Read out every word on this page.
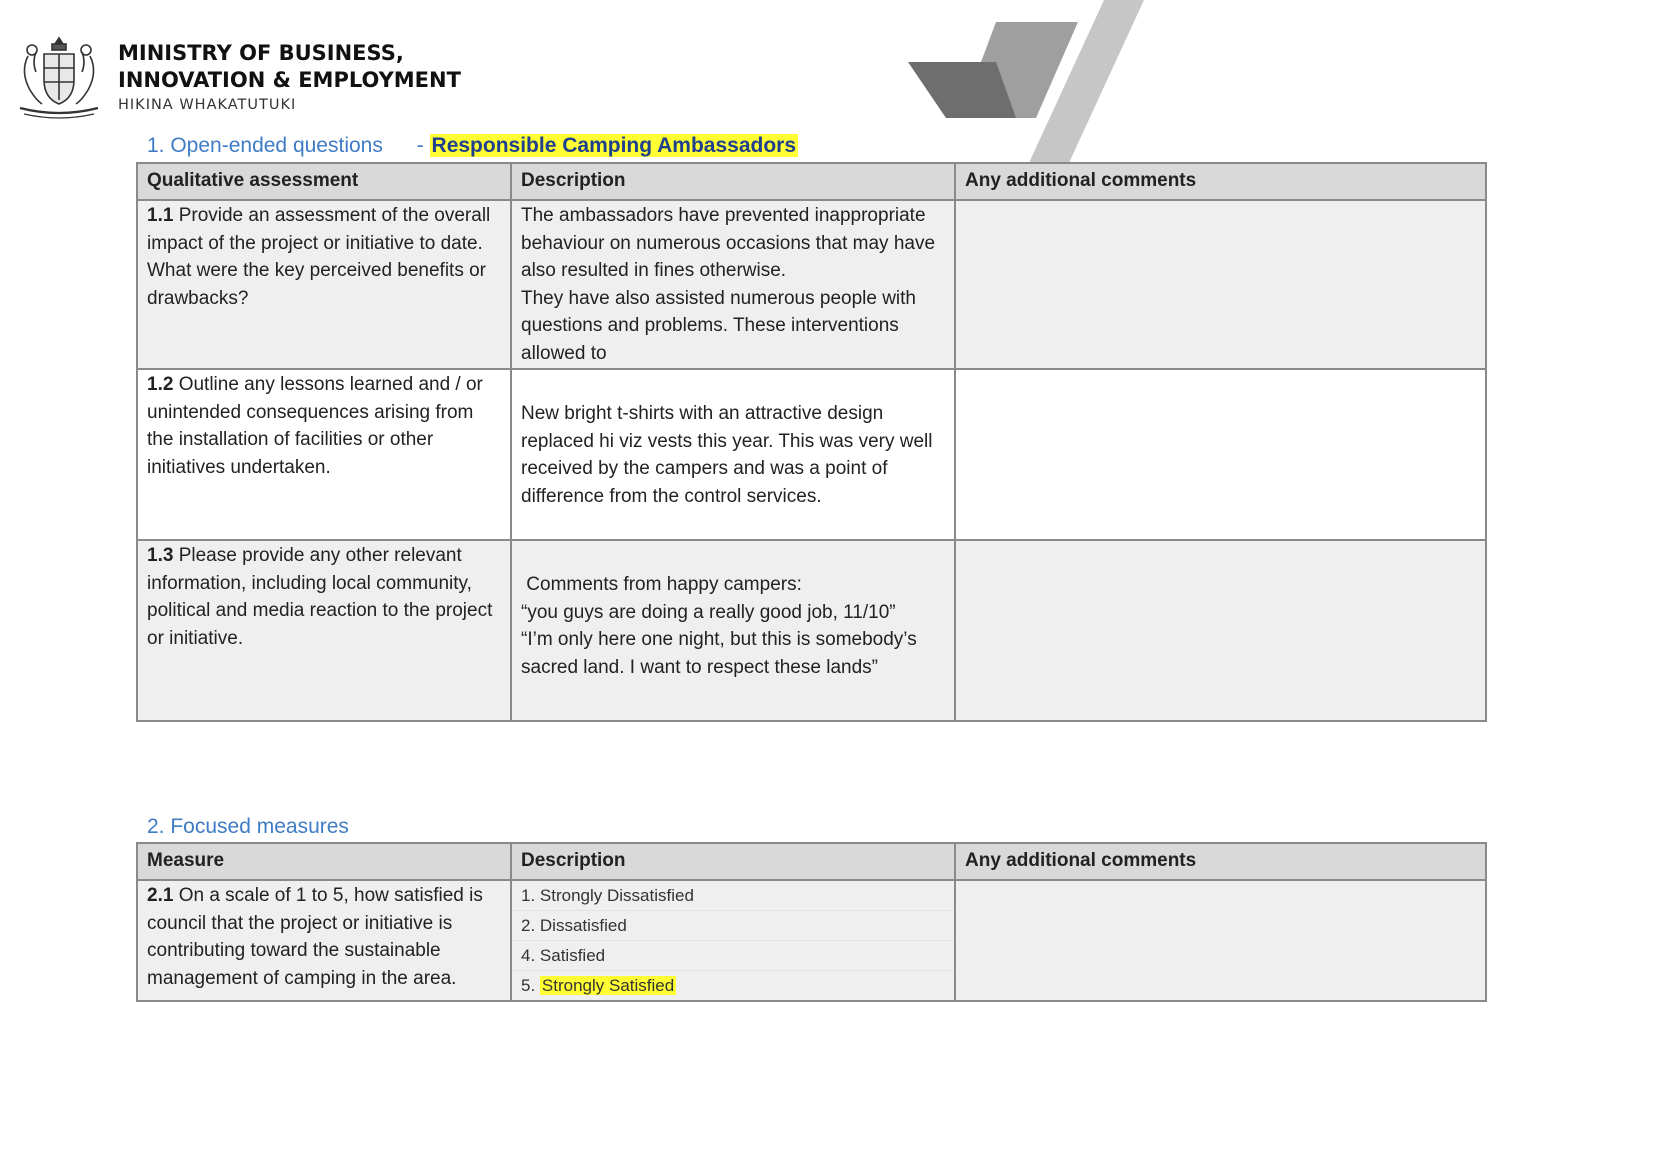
MINISTRY OF BUSINESS,
INNOVATION & EMPLOYMENT
HIKINA WHAKATUTUKI
1. Open-ended questions - Responsible Camping Ambassadors
Qualitative assessment	Description	Any additional comments
1.1 Provide an assessment of the overall impact of the project or initiative to date. What were the key perceived benefits or drawbacks?	The ambassadors have prevented inappropriate behaviour on numerous occasions that may have also resulted in fines otherwise.
They have also assisted numerous people with questions and problems. These interventions allowed to	

1.2 Outline any lessons learned and / or unintended consequences arising from the installation of facilities or other initiatives undertaken.	New bright t-shirts with an attractive design replaced hi viz vests this year. This was very well received by the campers and was a point of difference from the control services.	

1.3 Please provide any other relevant information, including local community, political and media reaction to the project or initiative.	Comments from happy campers:
“you guys are doing a really good job, 11/10”
“I’m only here one night, but this is somebody’s sacred land. I want to respect these lands”	

2. Focused measures
Measure	Description	Any additional comments
2.1 On a scale of 1 to 5, how satisfied is council that the project or initiative is contributing toward the sustainable management of camping in the area.	1. Strongly Dissatisfied
2. Dissatisfied
4. Satisfied
5. Strongly Satisfied	
